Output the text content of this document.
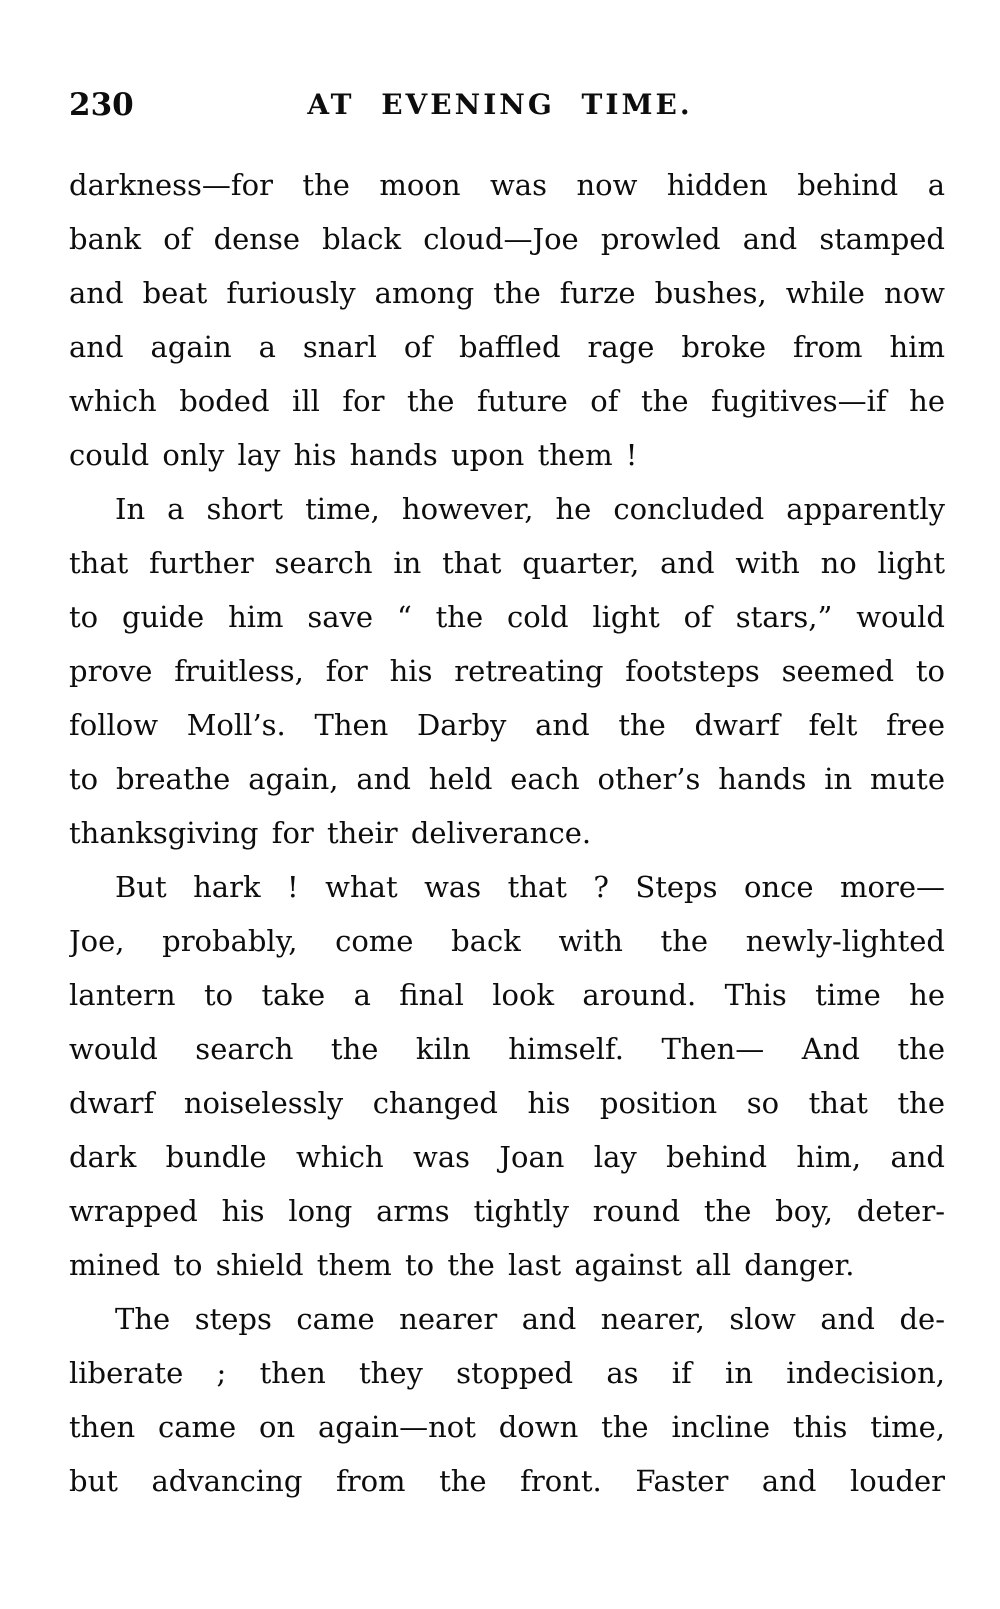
230	AT EVENING TIME.
darkness—for the moon was now hidden behind a
bank of dense black cloud—Joe prowled and stamped
and beat furiously among the furze bushes, while now
and again a snarl of baffled rage broke from him
which boded ill for the future of the fugitives—if he
could only lay his hands upon them !
In a short time, however, he concluded apparently
that further search in that quarter, and with no light
to guide him save “ the cold light of stars,” would
prove fruitless, for his retreating footsteps seemed to
follow Moll’s. Then Darby and the dwarf felt free
to breathe again, and held each other’s hands in mute
thanksgiving for their deliverance.
But hark ! what was that ? Steps once more—
Joe, probably, come back with the newly-lighted
lantern to take a final look around. This time he
would search the kiln himself. Then— And the
dwarf noiselessly changed his position so that the
dark bundle which was Joan lay behind him, and
wrapped his long arms tightly round the boy, deter-
mined to shield them to the last against all danger.
The steps came nearer and nearer, slow and de-
liberate ; then they stopped as if in indecision,
then came on again—not down the incline this time,
but advancing from the front. Faster and louder
